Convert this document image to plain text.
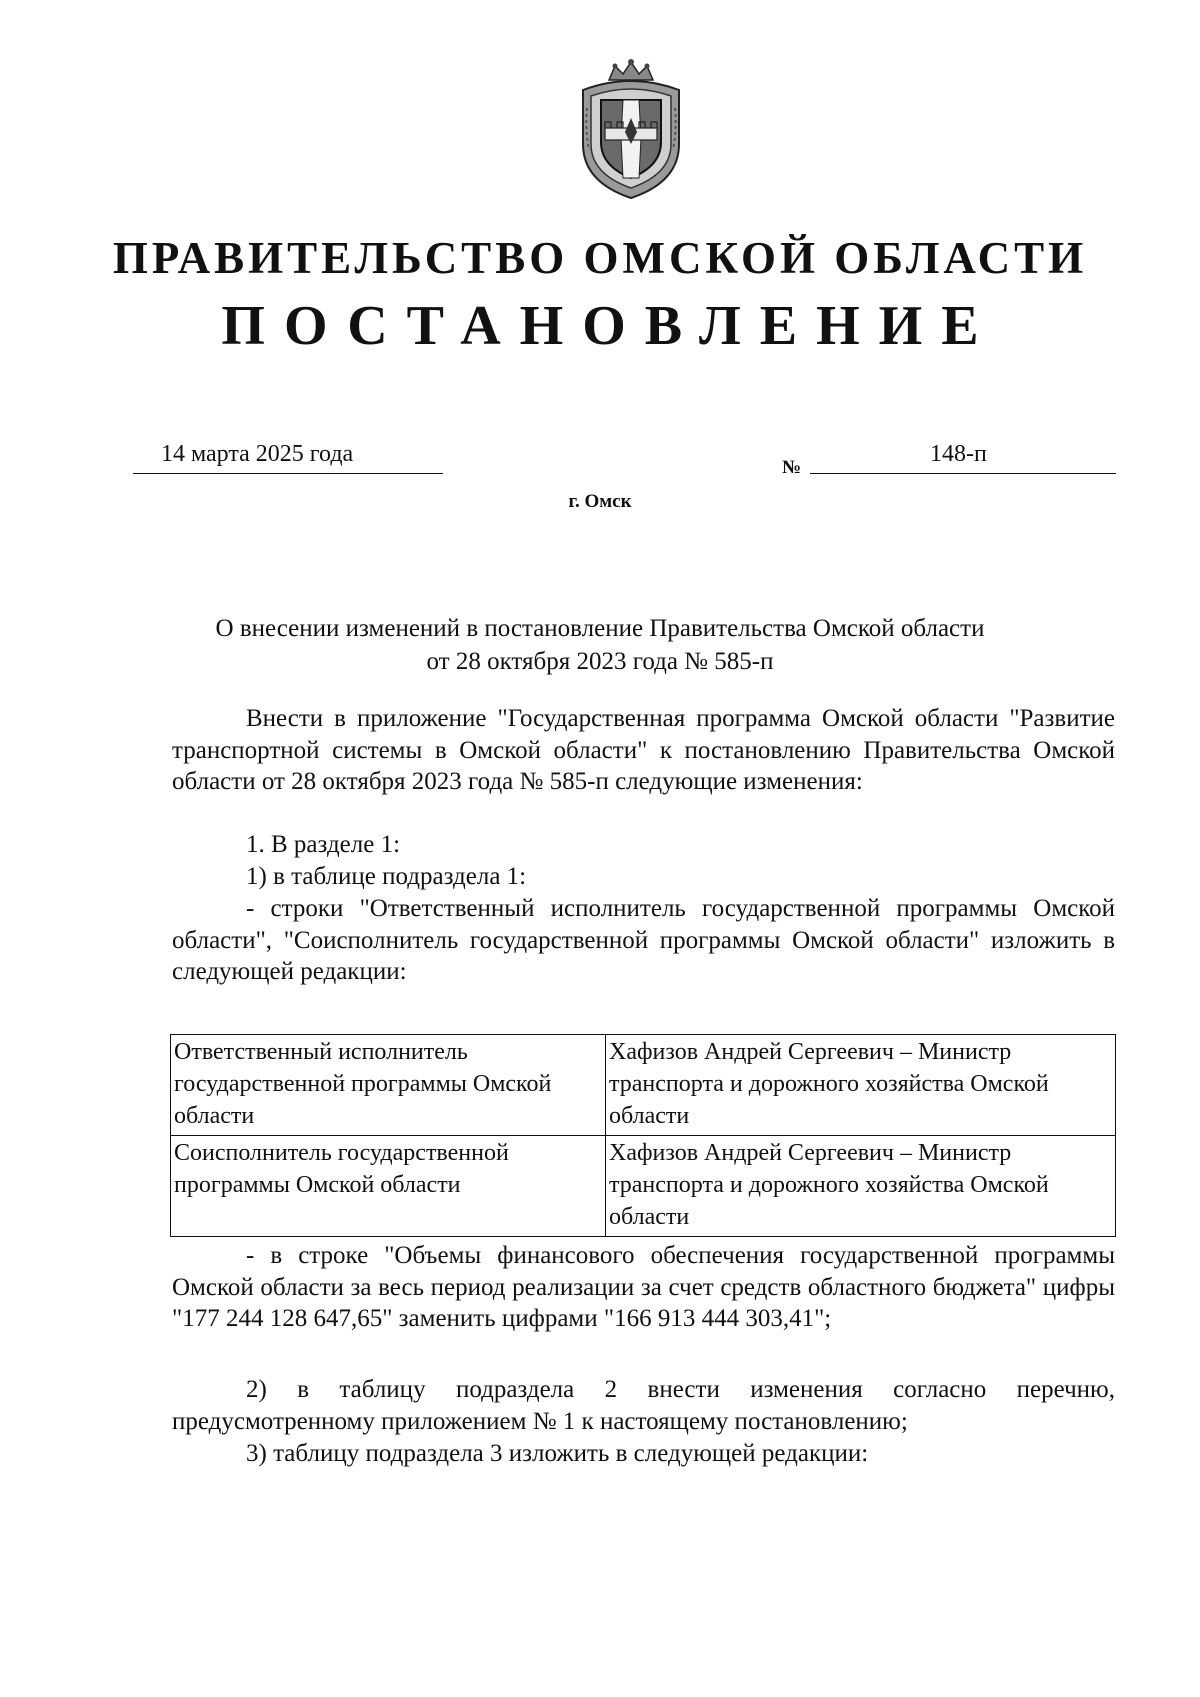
ПРАВИТЕЛЬСТВО ОМСКОЙ ОБЛАСТИ
ПОСТАНОВЛЕНИЕ
14 марта 2025 года
№
148-п
г. Омск
О внесении изменений в постановление Правительства Омской области
от 28 октября 2023 года № 585-п
Внести в приложение "Государственная программа Омской области "Развитие транспортной системы в Омской области" к постановлению Правительства Омской области от 28 октября 2023 года № 585-п следующие изменения:
1. В разделе 1:
1) в таблице подраздела 1:
- строки "Ответственный исполнитель государственной программы Омской области", "Соисполнитель государственной программы Омской области" изложить в следующей редакции:
Ответственный исполнитель государственной программы Омской области	Хафизов Андрей Сергеевич – Министр транспорта и дорожного хозяйства Омской области
Соисполнитель государственной программы Омской области	Хафизов Андрей Сергеевич – Министр транспорта и дорожного хозяйства Омской области
- в строке "Объемы финансового обеспечения государственной программы Омской области за весь период реализации за счет средств областного бюджета" цифры "177 244 128 647,65" заменить цифрами "166 913 444 303,41";
2) в таблицу подраздела 2 внести изменения согласно перечню, предусмотренному приложением № 1 к настоящему постановлению;
3) таблицу подраздела 3 изложить в следующей редакции:
